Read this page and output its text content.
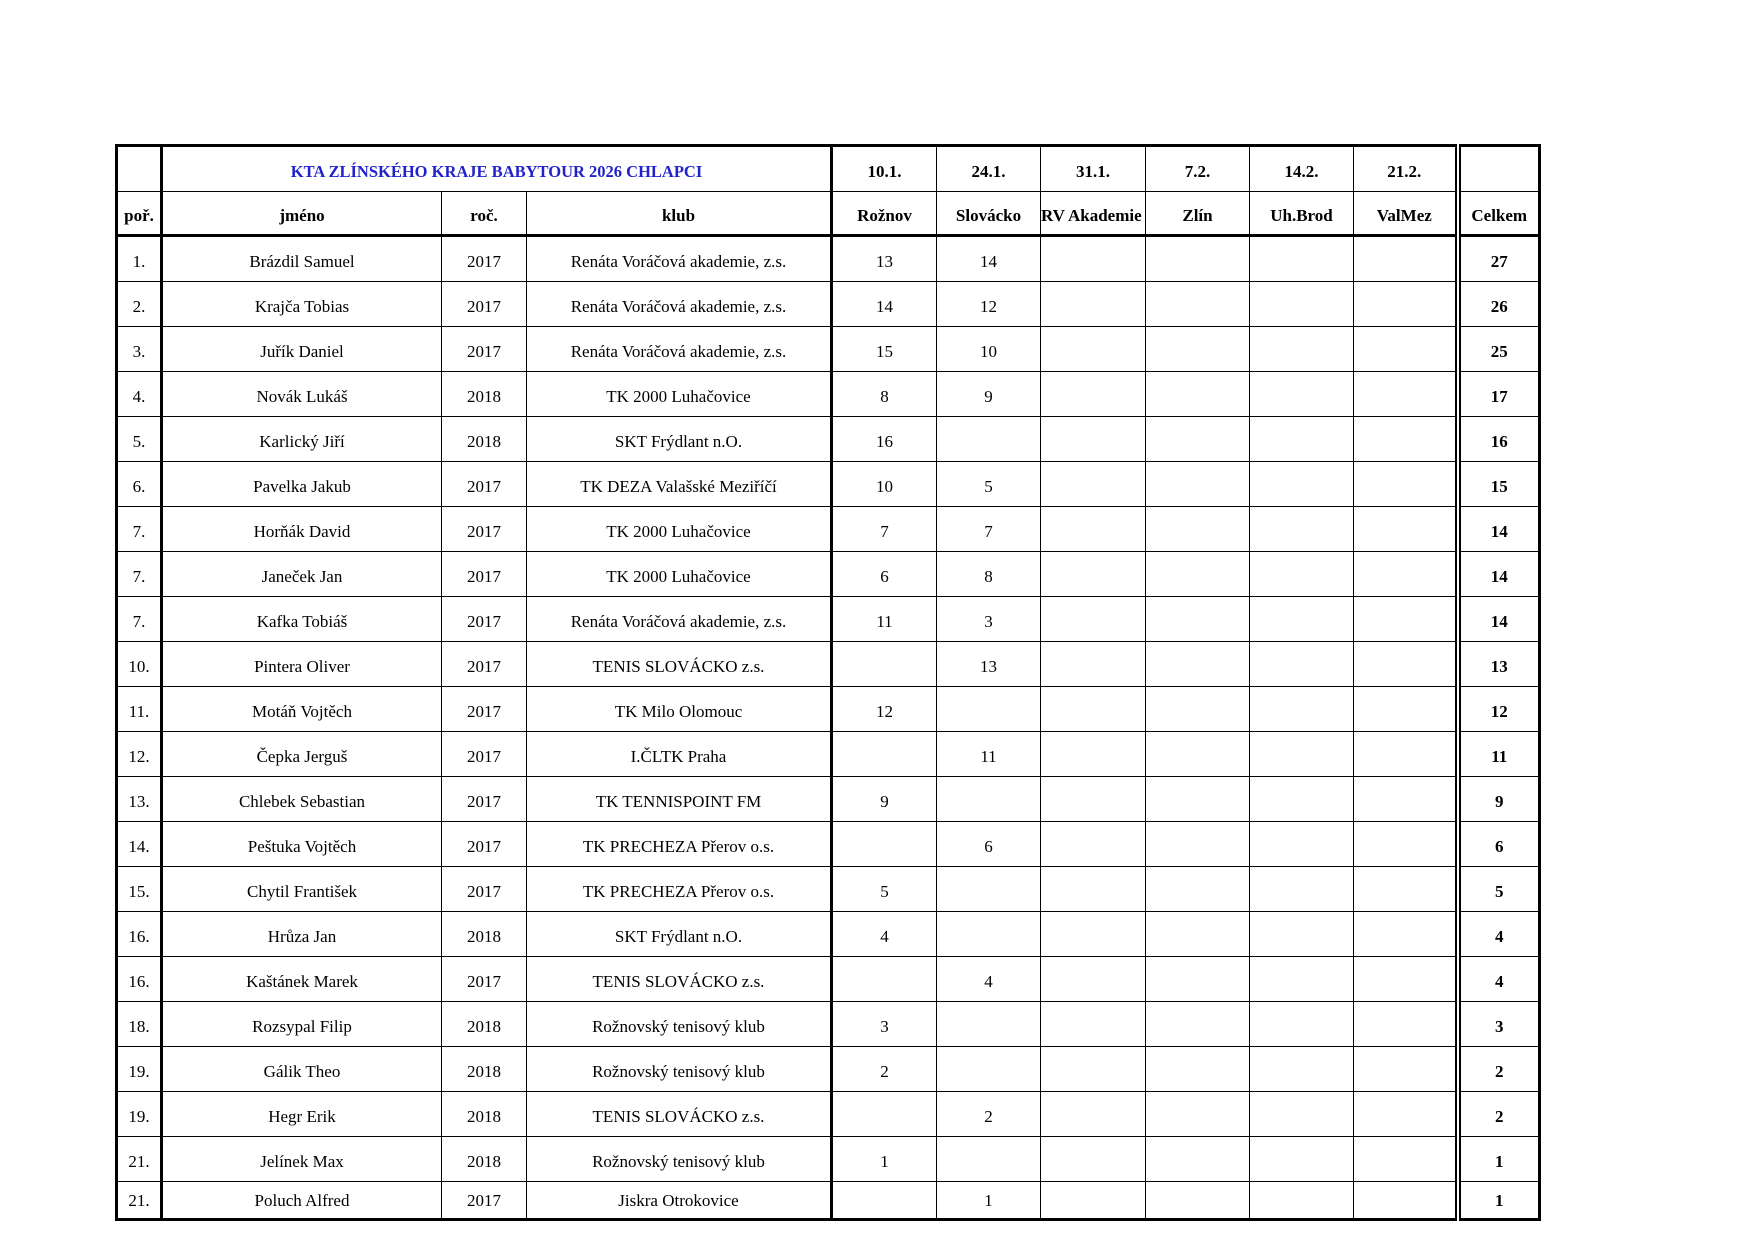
	KTA ZLÍNSKÉHO KRAJE BABYTOUR 2026 CHLAPCI			10.1.	24.1.	31.1.	7.2.	14.2.	21.2.	
poř.	jméno	roč.	klub	Rožnov	Slovácko	RV Akademie	Zlín	Uh.Brod	ValMez	Celkem
1.	Brázdil Samuel	2017	Renáta Voráčová akademie, z.s.	13	14					27
2.	Krajča Tobias	2017	Renáta Voráčová akademie, z.s.	14	12					26
3.	Juřík Daniel	2017	Renáta Voráčová akademie, z.s.	15	10					25
4.	Novák Lukáš	2018	TK 2000 Luhačovice	8	9					17
5.	Karlický Jiří	2018	SKT Frýdlant n.O.	16						16
6.	Pavelka Jakub	2017	TK DEZA Valašské Meziříčí	10	5					15
7.	Horňák David	2017	TK 2000 Luhačovice	7	7					14
7.	Janeček Jan	2017	TK 2000 Luhačovice	6	8					14
7.	Kafka Tobiáš	2017	Renáta Voráčová akademie, z.s.	11	3					14
10.	Pintera Oliver	2017	TENIS SLOVÁCKO z.s.		13					13
11.	Motáň Vojtěch	2017	TK Milo Olomouc	12						12
12.	Čepka Jerguš	2017	I.ČLTK Praha		11					11
13.	Chlebek Sebastian	2017	TK TENNISPOINT FM	9						9
14.	Peštuka Vojtěch	2017	TK PRECHEZA Přerov o.s.		6					6
15.	Chytil František	2017	TK PRECHEZA Přerov o.s.	5						5
16.	Hrůza Jan	2018	SKT Frýdlant n.O.	4						4
16.	Kaštánek Marek	2017	TENIS SLOVÁCKO z.s.		4					4
18.	Rozsypal Filip	2018	Rožnovský tenisový klub	3						3
19.	Gálik Theo	2018	Rožnovský tenisový klub	2						2
19.	Hegr Erik	2018	TENIS SLOVÁCKO z.s.		2					2
21.	Jelínek Max	2018	Rožnovský tenisový klub	1						1
21.	Poluch Alfred	2017	Jiskra Otrokovice		1					1
